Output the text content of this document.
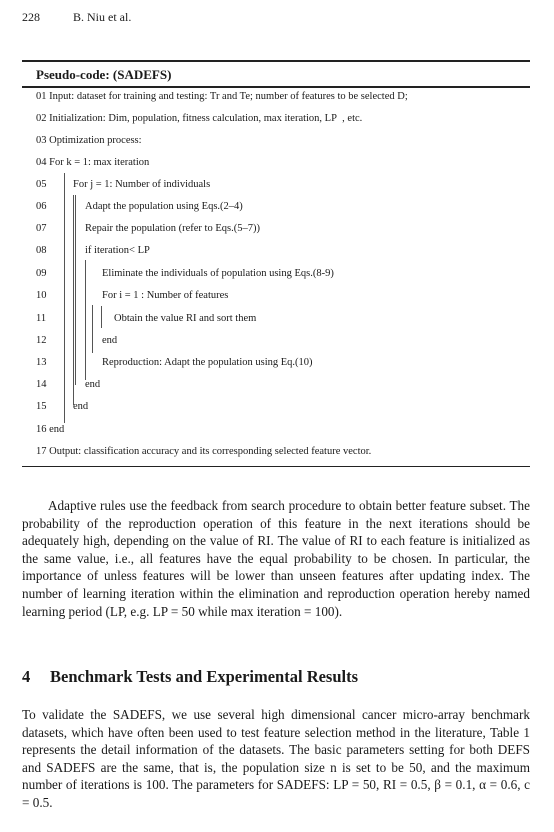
228	B. Niu et al.
Pseudo-code: (SADEFS)
01 Input: dataset for training and testing: Tr and Te; number of features to be selected D;
02 Initialization: Dim, population, fitness calculation, max iteration, LP  , etc.
03 Optimization process:
04 For k = 1: max iteration
05	For j = 1: Number of individuals
06	Adapt the population using Eqs.(2–4)
07	Repair the population (refer to Eqs.(5–7))
08	if iteration< LP
09	Eliminate the individuals of population using Eqs.(8-9)
10	For i = 1 : Number of features
11	Obtain the value RI and sort them
12	end
13	Reproduction: Adapt the population using Eq.(10)
14	end
15	end
16 end
17 Output: classification accuracy and its corresponding selected feature vector.
Adaptive rules use the feedback from search procedure to obtain better feature subset. The probability of the reproduction operation of this feature in the next iterations should be adequately high, depending on the value of RI. The value of RI to each feature is initialized as the same value, i.e., all features have the equal probability to be chosen. In particular, the importance of unless features will be lower than unseen features after updating index. The number of learning iteration within the elimination and reproduction operation hereby named learning period (LP, e.g. LP = 50 while max iteration = 100).
4 Benchmark Tests and Experimental Results
To validate the SADEFS, we use several high dimensional cancer micro-array benchmark datasets, which have often been used to test feature selection method in the literature, Table 1 represents the detail information of the datasets. The basic parameters setting for both DEFS and SADEFS are the same, that is, the population size n is set to be 50, and the maximum number of iterations is 100. The parameters for SADEFS: LP = 50, RI = 0.5, β = 0.1, α = 0.6, c = 0.5.
